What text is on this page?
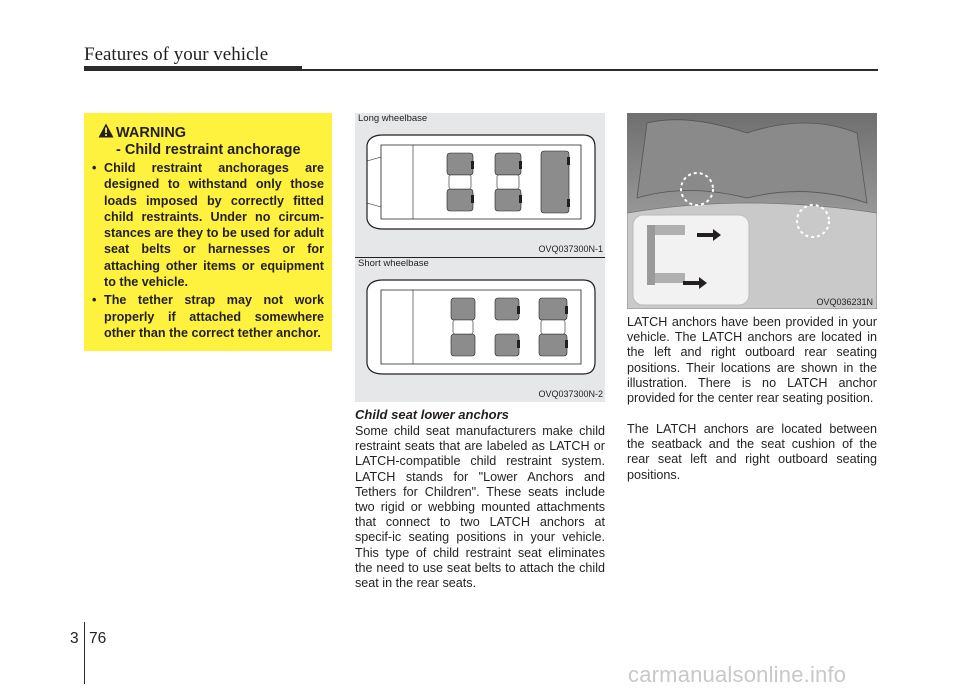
Features of your vehicle
WARNING
- Child restraint anchorage
• Child restraint anchorages are designed to withstand only those loads imposed by correctly fitted child restraints. Under no circum-stances are they to be used for adult seat belts or harnesses or for attaching other items or equipment to the vehicle.
• The tether strap may not work properly if attached somewhere other than the correct tether anchor.
Long wheelbase
OVQ037300N-1
Short wheelbase
OVQ037300N-2
Child seat lower anchors

Some child seat manufacturers make child restraint seats that are labeled as LATCH or LATCH-compatible child restraint system. LATCH stands for "Lower Anchors and Tethers for Children". These seats include two rigid or webbing mounted attachments that connect to two LATCH anchors at specif-ic seating positions in your vehicle. This type of child restraint seat eliminates the need to use seat belts to attach the child seat in the rear seats.

OVQ036231N

LATCH anchors have been provided in your vehicle. The LATCH anchors are located in the left and right outboard rear seating positions. Their locations are shown in the illustration. There is no LATCH anchor provided for the center rear seating position.

The LATCH anchors are located between the seatback and the seat cushion of the rear seat left and right outboard seating positions.

3 76
carmanualsonline.info
